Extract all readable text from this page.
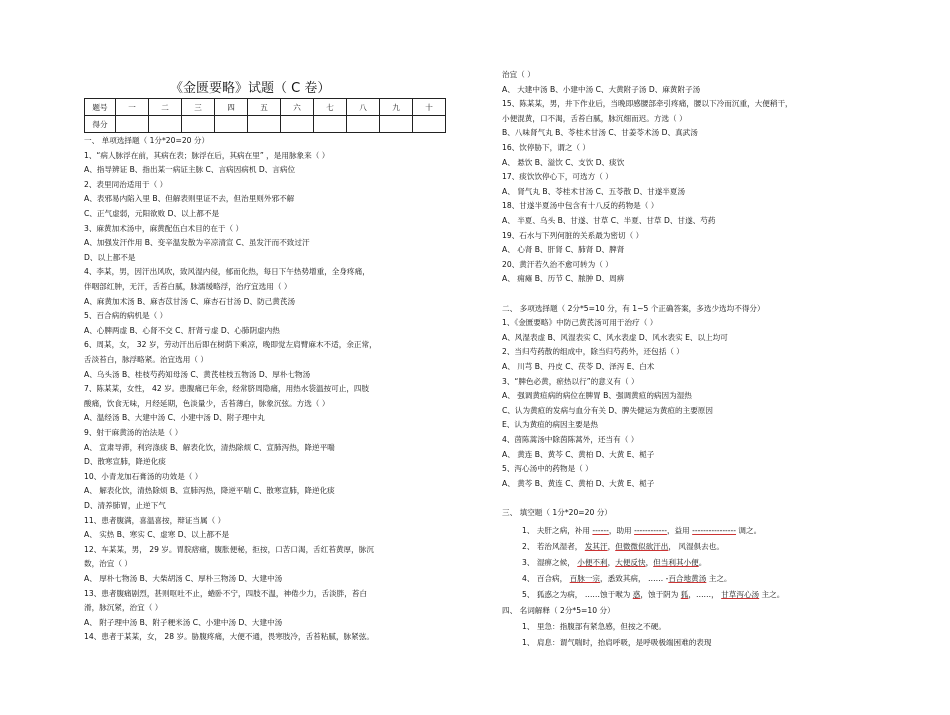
《金匮要略》试题（ C 卷）
题号	一	二	三	四	五	六	七	八	九	十
得分										
一、 单项选择题（ 1分*20=20 分）
1、“病人脉浮在前，其病在表；脉浮在后，其病在里” ，是用脉象来（ ）
A、指导辨证 B、指出某一病证主脉 C、言病因病机 D、言病位
2、表里同治适用于（ ）
A、表邪易内陷入里 B、但解表则里证不去，但治里则外邪不解
C、正气虚弱，元阳欲败 D、以上都不是
3、麻黄加术汤中，麻黄配伍白术目的在于（ ）
A、加强发汗作用 B、变辛温发散为辛凉清宣 C、虽发汗而不致过汗
D、以上都不是
4、李某，男，因汗出风吹，致风湿内侵，郁而化热，每日下午热势增重，全身疼痛，
伴咽部红肿，无汗，舌苔白腻，脉濡缓略浮，治疗宜选用（ ）
A、麻黄加术汤 B、麻杏苡甘汤 C、麻杏石甘汤 D、防己黄芪汤
5、百合病的病机是（ ）
A、心脾两虚 B、心肾不交 C、肝肾亏虚 D、心肺阴虚内热
6、周某，女， 32 岁，劳动汗出后即在树荫下乘凉，晚即觉左肩臂麻木不适，余正常，
舌淡苔白，脉浮略紧。治宜选用（ ）
A、乌头汤 B、桂枝芍药知母汤 C、黄芪桂枝五物汤 D、厚朴七物汤
7、陈某某，女性， 42 岁。患腹痛已年余，经常脐周隐痛，用热水袋温按可止，四肢
酸痛，饮食无味，月经延期，色淡量少，舌苔薄白，脉象沉弦。方选（ ）
A、温经汤 B、大建中汤 C、小建中汤 D、附子理中丸
9、射干麻黄汤的治法是（ ）
A、 宣肃导滞，利窍涤痰 B、解表化饮，清热除烦 C、宣肺泻热，降逆平喘
D、散寒宣肺，降逆化痰
10、小青龙加石膏汤的功效是（ ）
A、 解表化饮，清热除烦 B、宣肺泻热，降逆平喘 C、散寒宣肺，降逆化痰
D、清养肺胃，止逆下气
11、患者腹满，喜温喜按，辩证当属（ ）
A、 实热 B、寒实 C、虚寒 D、以上都不是
12、车某某，男， 29 岁。胃脘痞痛，腹胀便秘，拒按，口苦口渴，舌红苔黄厚，脉沉
数，治宜（ ）
A、 厚朴七物汤 B、大柴胡汤 C、厚朴三物汤 D、大建中汤
13、患者腹痛剧烈，甚则呕吐不止，蜷卧不宁，四肢不温，神倦少力，舌淡胖，苔白
滑，脉沉紧，治宜（ ）
A、 附子理中汤 B、附子粳米汤 C、小建中汤 D、大建中汤
14、患者于某某，女， 28 岁。胁腹疼痛，大便不通，畏寒肢冷，舌苔粘腻，脉紧弦。
治宜（ ）
A、 大建中汤 B、小建中汤 C、大黄附子汤 D、麻黄附子汤
15、陈某某，男，井下作业后，当晚即感腰部牵引疼痛，腰以下冷而沉重，大便稍干，
小便混黄，口不渴，舌苔白腻，脉沉细而迟。方选（ ）
B、八味肾气丸 B、苓桂术甘汤 C、甘姜苓术汤 D、真武汤
16、饮停胁下，谓之（ ）
A、 悬饮 B、溢饮 C、支饮 D、痰饮
17、痰饮饮停心下，可选方（ ）
A、 肾气丸 B、苓桂术甘汤 C、五苓散 D、甘遂半夏汤
18、甘遂半夏汤中包含有十八反的药物是（ ）
A、 半夏、乌头 B、甘遂、甘草 C、半夏、甘草 D、甘遂、芍药
19、石水与下列何脏的关系最为密切（ ）
A、 心肾 B、肝肾 C、肺肾 D、脾肾
20、黄汗若久治不愈可转为（ ）
A、 痈瘫 B、历节 C、脓肿 D、周痹
二、 多项选择题（ 2分*5=10 分，有 1~5 个正确答案，多选少选均不得分）
1、《金匮要略》中防己黄芪汤可用于治疗（ ）
A、风湿表虚 B、风湿表实 C、风水表虚 D、风水表实 E、以上均可
2、当归芍药散的组成中，除当归芍药外，还包括（ ）
A、 川芎 B、丹皮 C、茯苓 D、泽泻 E、白术
3、“脾色必黄，瘀热以行”的意义有（ ）
A、 强调黄疸病的病位在脾胃 B、强调黄疸的病因为湿热
C、认为黄疸的发病与血分有关 D、脾失健运为黄疸的主要原因
E、认为黄疸的病因主要是热
4、茵陈蒿汤中除茵陈蒿外，还当有（ ）
A、 黄连 B、黄芩 C、黄柏 D、大黄 E、栀子
5、泻心汤中的药物是（ ）
A、 黄芩 B、黄连 C、黄柏 D、大黄 E、栀子
三、 填空题（ 1分*20=20 分）
1、 夫肝之病，补用 ------，助用 ------------，益用 ---------------- 调之。
2、 若治风湿者， 发其汗，但微微似欲汗出， 风湿俱去也。
3、 湿痹之候， 小便不利，大便反快，但当利其小便。
4、 百合病， 百脉一宗，悉致其病， …… -百合地黄汤 主之。
5、 狐惑之为病， ……蚀于喉为 惑，蚀于阴为 狐，……， 甘草泻心汤 主之。
四、 名词解释（ 2分*5=10 分）
1、 里急：指腹部有紧急感，但按之不硬。
1、 肩息：谓气喘时，抬肩呼吸，是呼吸极端困难的表现
